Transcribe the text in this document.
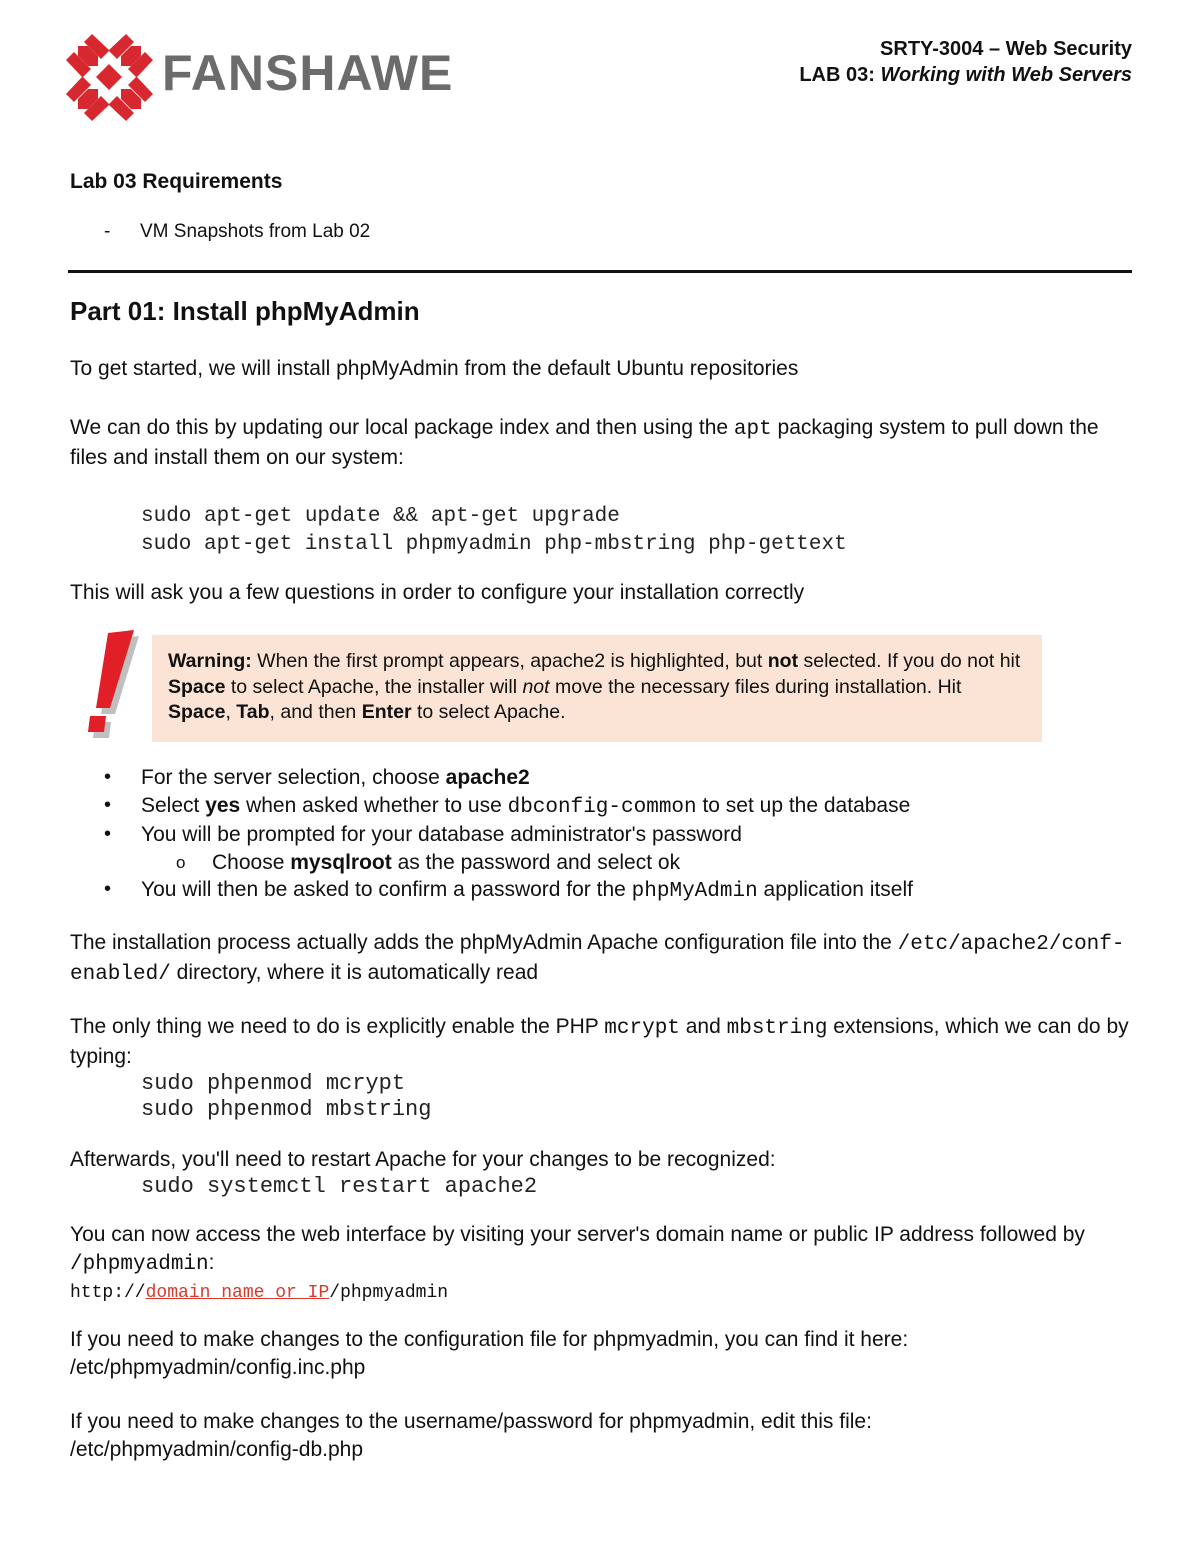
FANSHAWE	SRTY-3004 – Web Security
LAB 03: Working with Web Servers

Lab 03 Requirements

-	VM Snapshots from Lab 02
Part 01: Install phpMyAdmin

To get started, we will install phpMyAdmin from the default Ubuntu repositories

We can do this by updating our local package index and then using the apt packaging system to pull down the files and install them on our system:

sudo apt-get update && apt-get upgrade
sudo apt-get install phpmyadmin php-mbstring php-gettext

This will ask you a few questions in order to configure your installation correctly

Warning: When the first prompt appears, apache2 is highlighted, but not selected. If you do not hit Space to select Apache, the installer will not move the necessary files during installation. Hit Space, Tab, and then Enter to select Apache.
• For the server selection, choose apache2
• Select yes when asked whether to use dbconfig-common to set up the database
• You will be prompted for your database administrator's password
o Choose mysqlroot as the password and select ok
• You will then be asked to confirm a password for the phpMyAdmin application itself

The installation process actually adds the phpMyAdmin Apache configuration file into the /etc/apache2/conf-enabled/ directory, where it is automatically read

The only thing we need to do is explicitly enable the PHP mcrypt and mbstring extensions, which we can do by typing:

sudo phpenmod mcrypt
sudo phpenmod mbstring

Afterwards, you'll need to restart Apache for your changes to be recognized:

sudo systemctl restart apache2

You can now access the web interface by visiting your server's domain name or public IP address followed by /phpmyadmin:

http://domain_name_or_IP/phpmyadmin

If you need to make changes to the configuration file for phpmyadmin, you can find it here:

/etc/phpmyadmin/config.inc.php

If you need to make changes to the username/password for phpmyadmin, edit this file:

/etc/phpmyadmin/config-db.php
